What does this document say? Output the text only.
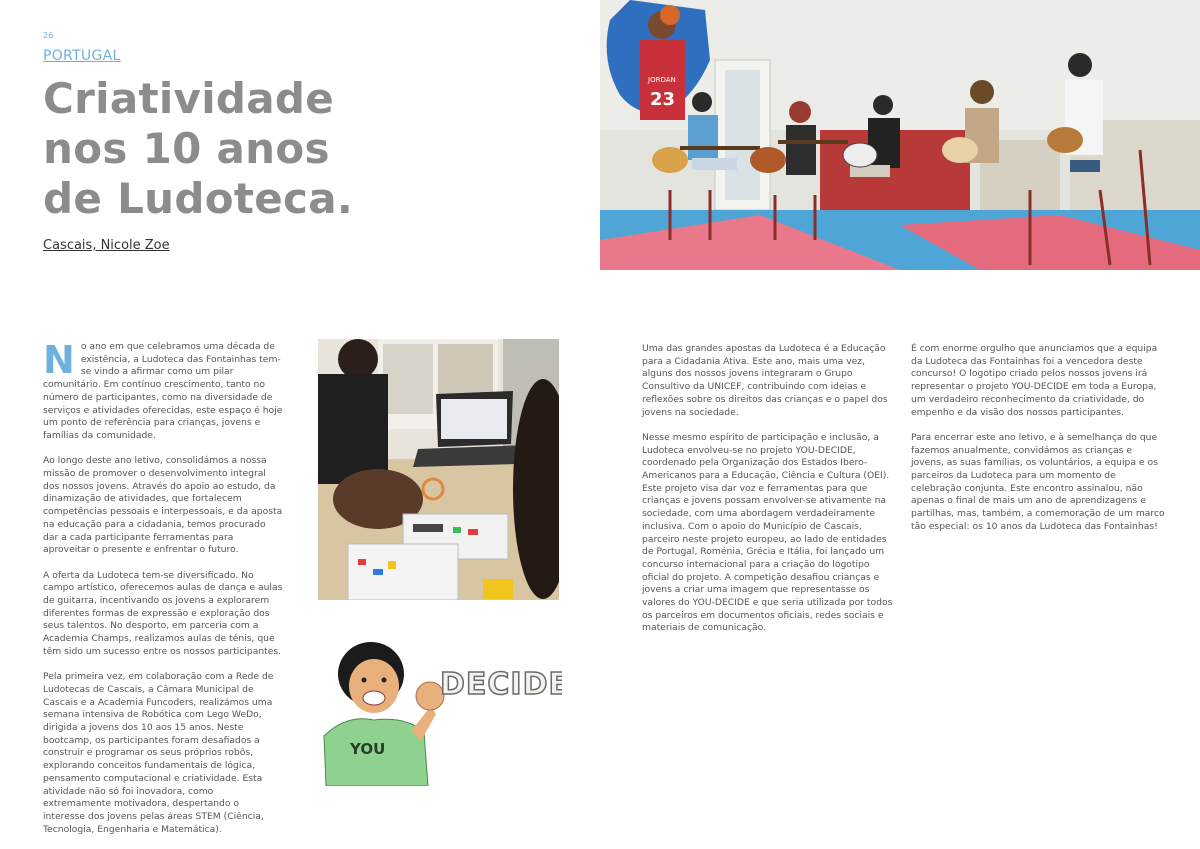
26
PORTUGAL
Criatividade
nos 10 anos
de Ludoteca.
Cascais, Nicole Zoe
JORDAN
23

No ano em que celebramos uma década de existência, a Ludoteca das Fontainhas tem-se vindo a afirmar como um pilar comunitário. Em contínuo crescimento, tanto no número de participantes, como na diversidade de serviços e atividades oferecidas, este espaço é hoje um ponto de referência para crianças, jovens e famílias da comunidade.

Ao longo deste ano letivo, consolidámos a nossa missão de promover o desenvolvimento integral dos nossos jovens. Através do apoio ao estudo, da dinamização de atividades, que fortalecem competências pessoais e interpessoais, e da aposta na educação para a cidadania, temos procurado dar a cada participante ferramentas para aproveitar o presente e enfrentar o futuro.

A oferta da Ludoteca tem-se diversificado. No campo artístico, oferecemos aulas de dança e aulas de guitarra, incentivando os jovens a explorarem diferentes formas de expressão e exploração dos seus talentos. No desporto, em parceria com a Academia Champs, realizamos aulas de ténis, que têm sido um sucesso entre os nossos participantes.

Pela primeira vez, em colaboração com a Rede de Ludotecas de Cascais, a Câmara Municipal de Cascais e a Academia Funcoders, realizámos uma semana intensiva de Robótica com Lego WeDo, dirigida a jovens dos 10 aos 15 anos. Neste bootcamp, os participantes foram desafiados a construir e programar os seus próprios robôs, explorando conceitos fundamentais de lógica, pensamento computacional e criatividade. Esta atividade não só foi inovadora, como extremamente motivadora, despertando o interesse dos jovens pelas áreas STEM (Ciência, Tecnologia, Engenharia e Matemática).

YOU
DECIDE

Uma das grandes apostas da Ludoteca é a Educação para a Cidadania Ativa. Este ano, mais uma vez, alguns dos nossos jovens integraram o Grupo Consultivo da UNICEF, contribuindo com ideias e reflexões sobre os direitos das crianças e o papel dos jovens na sociedade.

Nesse mesmo espírito de participação e inclusão, a Ludoteca envolveu-se no projeto YOU-DECIDE, coordenado pela Organização dos Estados Ibero-Americanos para a Educação, Ciência e Cultura (OEI). Este projeto visa dar voz e ferramentas para que crianças e jovens possam envolver-se ativamente na sociedade, com uma abordagem verdadeiramente inclusiva. Com o apoio do Município de Cascais, parceiro neste projeto europeu, ao lado de entidades de Portugal, Roménia, Grécia e Itália, foi lançado um concurso internacional para a criação do logotipo oficial do projeto. A competição desafiou crianças e jovens a criar uma imagem que representasse os valores do YOU-DECIDE e que seria utilizada por todos os parceiros em documentos oficiais, redes sociais e materiais de comunicação.

É com enorme orgulho que anunciamos que a equipa da Ludoteca das Fontainhas foi a vencedora deste concurso! O logotipo criado pelos nossos jovens irá representar o projeto YOU-DECIDE em toda a Europa, um verdadeiro reconhecimento da criatividade, do empenho e da visão dos nossos participantes.

Para encerrar este ano letivo, e à semelhança do que fazemos anualmente, convidámos as crianças e jovens, as suas famílias, os voluntários, a equipa e os parceiros da Ludoteca para um momento de celebração conjunta. Este encontro assinalou, não apenas o final de mais um ano de aprendizagens e partilhas, mas, também, a comemoração de um marco tão especial: os 10 anos da Ludoteca das Fontainhas!
